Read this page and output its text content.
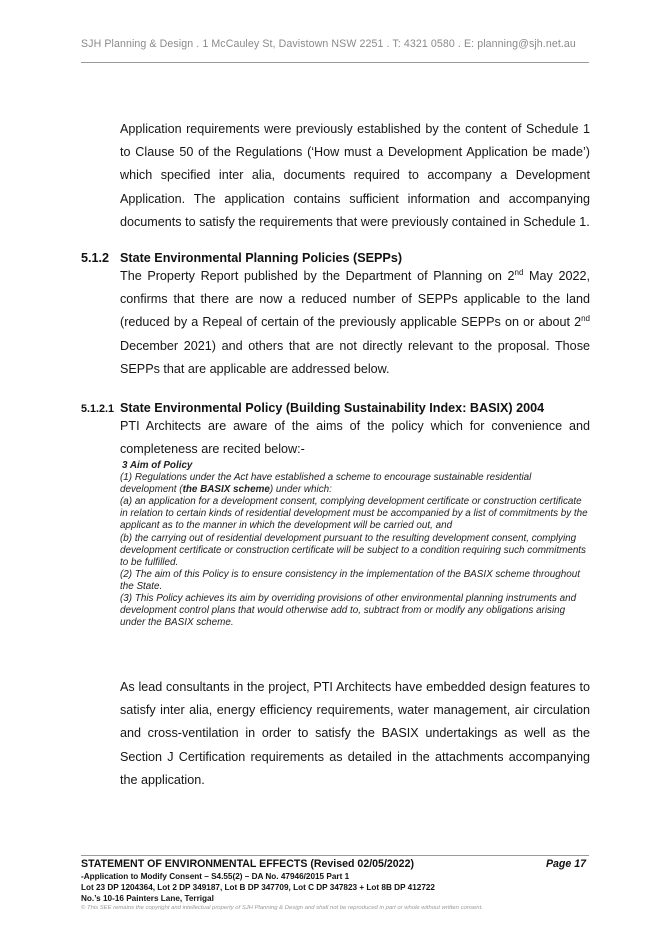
SJH Planning & Design . 1 McCauley St, Davistown NSW 2251 . T: 4321 0580 . E: planning@sjh.net.au

Application requirements were previously established by the content of Schedule 1 to Clause 50 of the Regulations (‘How must a Development Application be made’) which specified inter alia, documents required to accompany a Development Application. The application contains sufficient information and accompanying documents to satisfy the requirements that were previously contained in Schedule 1.

5.1.2 State Environmental Planning Policies (SEPPs)

The Property Report published by the Department of Planning on 2nd May 2022, confirms that there are now a reduced number of SEPPs applicable to the land (reduced by a Repeal of certain of the previously applicable SEPPs on or about 2nd December 2021) and others that are not directly relevant to the proposal. Those SEPPs that are applicable are addressed below.

5.1.2.1 State Environmental Policy (Building Sustainability Index: BASIX) 2004

PTI Architects are aware of the aims of the policy which for convenience and completeness are recited below:-

3 Aim of Policy

(1) Regulations under the Act have established a scheme to encourage sustainable residential development (the BASIX scheme) under which:

(a) an application for a development consent, complying development certificate or construction certificate in relation to certain kinds of residential development must be accompanied by a list of commitments by the applicant as to the manner in which the development will be carried out, and

(b) the carrying out of residential development pursuant to the resulting development consent, complying development certificate or construction certificate will be subject to a condition requiring such commitments to be fulfilled.

(2) The aim of this Policy is to ensure consistency in the implementation of the BASIX scheme throughout the State.

(3) This Policy achieves its aim by overriding provisions of other environmental planning instruments and development control plans that would otherwise add to, subtract from or modify any obligations arising under the BASIX scheme.

As lead consultants in the project, PTI Architects have embedded design features to satisfy inter alia, energy efficiency requirements, water management, air circulation and cross-ventilation in order to satisfy the BASIX undertakings as well as the Section J Certification requirements as detailed in the attachments accompanying the application.

STATEMENT OF ENVIRONMENTAL EFFECTS (Revised 02/05/2022)	Page 17
-Application to Modify Consent – S4.55(2) – DA No. 47946/2015 Part 1
Lot 23 DP 1204364, Lot 2 DP 349187, Lot B DP 347709, Lot C DP 347823 + Lot 8B DP 412722
No.’s 10-16 Painters Lane, Terrigal
© This SEE remains the copyright and intellectual property of SJH Planning & Design and shall not be reproduced in part or whole without written consent.
